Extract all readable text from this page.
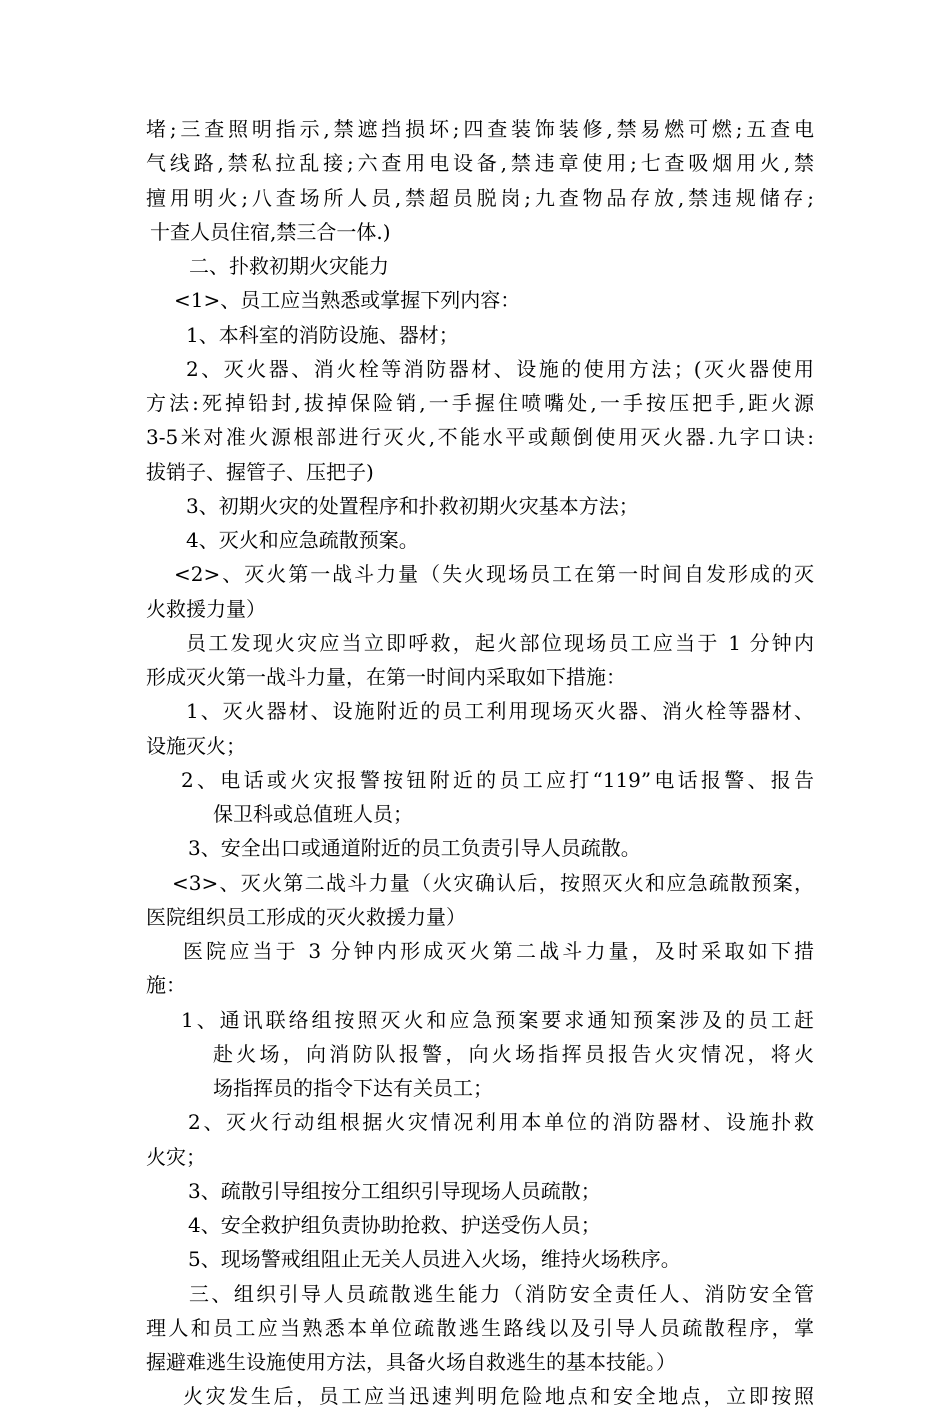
堵;三查照明指示,禁遮挡损坏;四查装饰装修,禁易燃可燃;五查电
气线路,禁私拉乱接;六查用电设备,禁违章使用;七查吸烟用火,禁
擅用明火;八查场所人员,禁超员脱岗;九查物品存放,禁违规储存;
十查人员住宿,禁三合一体.)
二、扑救初期火灾能力
<1>、员工应当熟悉或掌握下列内容：
1、本科室的消防设施、器材；
2、灭火器、消火栓等消防器材、设施的使用方法；(灭火器使用
方法:死掉铅封,拔掉保险销,一手握住喷嘴处,一手按压把手,距火源
3-5米对准火源根部进行灭火,不能水平或颠倒使用灭火器.九字口诀:
拔销子、握管子、压把子)
3、初期火灾的处置程序和扑救初期火灾基本方法；
4、灭火和应急疏散预案。
<2>、灭火第一战斗力量（失火现场员工在第一时间自发形成的灭
火救援力量）
员工发现火灾应当立即呼救，起火部位现场员工应当于 1 分钟内
形成灭火第一战斗力量，在第一时间内采取如下措施：
1、灭火器材、设施附近的员工利用现场灭火器、消火栓等器材、
设施灭火；
2、电话或火灾报警按钮附近的员工应打“119”电话报警、报告
保卫科或总值班人员；
3、安全出口或通道附近的员工负责引导人员疏散。
<3>、灭火第二战斗力量（火灾确认后，按照灭火和应急疏散预案，
医院组织员工形成的灭火救援力量）
医院应当于 3 分钟内形成灭火第二战斗力量，及时采取如下措
施：
1、通讯联络组按照灭火和应急预案要求通知预案涉及的员工赶
赴火场，向消防队报警，向火场指挥员报告火灾情况，将火
场指挥员的指令下达有关员工；
2、灭火行动组根据火灾情况利用本单位的消防器材、设施扑救
火灾；
3、疏散引导组按分工组织引导现场人员疏散；
4、安全救护组负责协助抢救、护送受伤人员；
5、现场警戒组阻止无关人员进入火场，维持火场秩序。
三、组织引导人员疏散逃生能力（消防安全责任人、消防安全管
理人和员工应当熟悉本单位疏散逃生路线以及引导人员疏散程序，掌
握避难逃生设施使用方法，具备火场自救逃生的基本技能。）
火灾发生后，员工应当迅速判明危险地点和安全地点，立即按照
